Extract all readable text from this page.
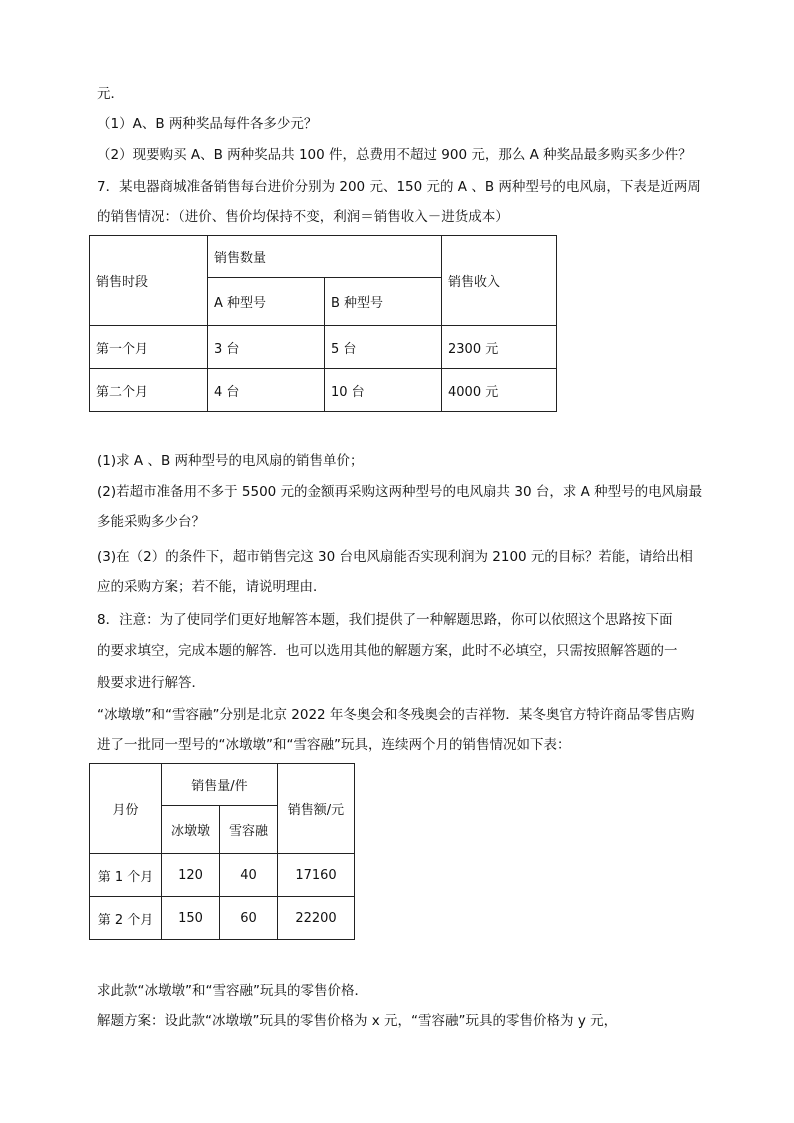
元．
（1）A、B 两种奖品每件各多少元？
（2）现要购买 A、B 两种奖品共 100 件，总费用不超过 900 元，那么 A 种奖品最多购买多少件？
7．某电器商城准备销售每台进价分别为 200 元、150 元的 A 、B 两种型号的电风扇，下表是近两周
的销售情况：（进价、售价均保持不变，利润＝销售收入－进货成本）
销售时段	销售数量		销售收入
	A 种型号	B 种型号	
第一个月	3 台	5 台	2300 元
第二个月	4 台	10 台	4000 元
(1)求 A 、B 两种型号的电风扇的销售单价；
(2)若超市准备用不多于 5500 元的金额再采购这两种型号的电风扇共 30 台，求 A 种型号的电风扇最
多能采购多少台？
(3)在（2）的条件下，超市销售完这 30 台电风扇能否实现利润为 2100 元的目标？若能，请给出相
应的采购方案；若不能，请说明理由．
8．注意：为了使同学们更好地解答本题，我们提供了一种解题思路，你可以依照这个思路按下面
的要求填空，完成本题的解答．也可以选用其他的解题方案，此时不必填空，只需按照解答题的一
般要求进行解答．
“冰墩墩”和“雪容融”分别是北京 2022 年冬奥会和冬残奥会的吉祥物．某冬奥官方特许商品零售店购
进了一批同一型号的“冰墩墩”和“雪容融”玩具，连续两个月的销售情况如下表：
月份	销售量/件		销售额/元
	冰墩墩	雪容融	
第 1 个月	120	40	17160
第 2 个月	150	60	22200
求此款“冰墩墩”和“雪容融”玩具的零售价格．
解题方案：设此款“冰墩墩”玩具的零售价格为 x 元，“雪容融”玩具的零售价格为 y 元，
